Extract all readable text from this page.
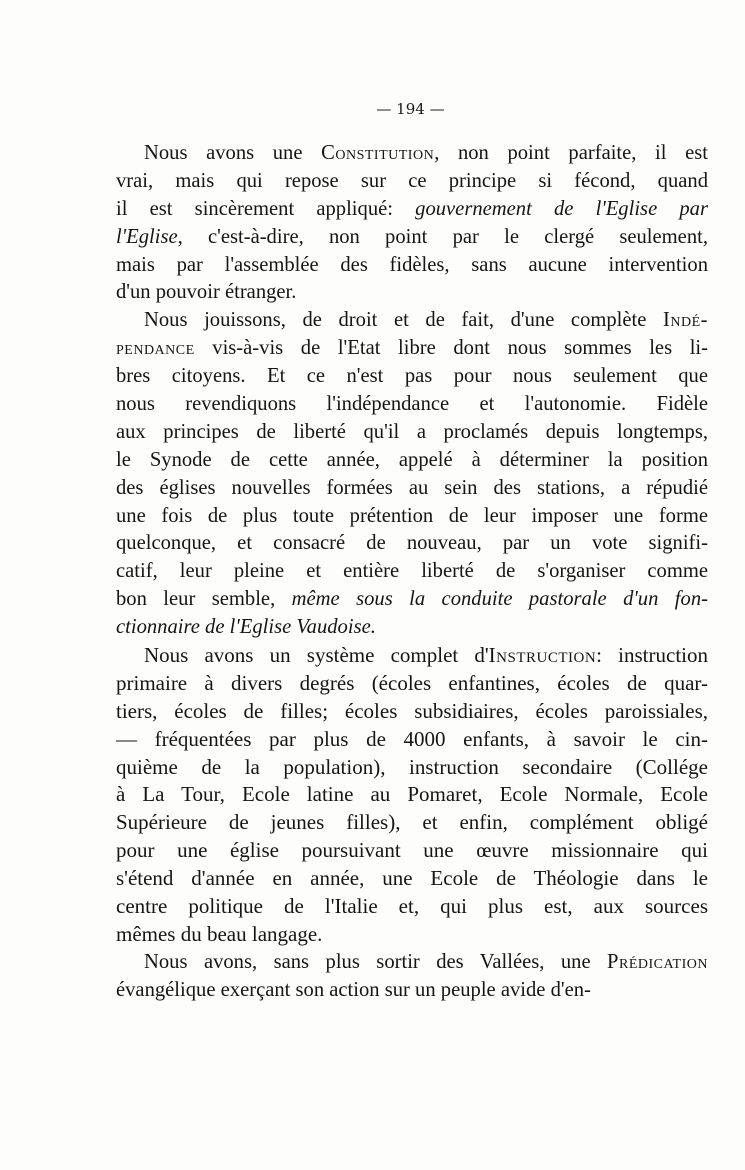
— 194 —
Nous avons une Constitution, non point parfaite, il est
vrai, mais qui repose sur ce principe si fécond, quand
il est sincèrement appliqué: gouvernement de l'Eglise par
l'Eglise, c'est-à-dire, non point par le clergé seulement,
mais par l'assemblée des fidèles, sans aucune intervention
d'un pouvoir étranger.
Nous jouissons, de droit et de fait, d'une complète Indé-
pendance vis-à-vis de l'Etat libre dont nous sommes les li-
bres citoyens. Et ce n'est pas pour nous seulement que
nous revendiquons l'indépendance et l'autonomie. Fidèle
aux principes de liberté qu'il a proclamés depuis longtemps,
le Synode de cette année, appelé à déterminer la position
des églises nouvelles formées au sein des stations, a répudié
une fois de plus toute prétention de leur imposer une forme
quelconque, et consacré de nouveau, par un vote signifi-
catif, leur pleine et entière liberté de s'organiser comme
bon leur semble, même sous la conduite pastorale d'un fon-
ctionnaire de l'Eglise Vaudoise.
Nous avons un système complet d'Instruction: instruction
primaire à divers degrés (écoles enfantines, écoles de quar-
tiers, écoles de filles; écoles subsidiaires, écoles paroissiales,
— fréquentées par plus de 4000 enfants, à savoir le cin-
quième de la population), instruction secondaire (Collége
à La Tour, Ecole latine au Pomaret, Ecole Normale, Ecole
Supérieure de jeunes filles), et enfin, complément obligé
pour une église poursuivant une œuvre missionnaire qui
s'étend d'année en année, une Ecole de Théologie dans le
centre politique de l'Italie et, qui plus est, aux sources
mêmes du beau langage.
Nous avons, sans plus sortir des Vallées, une Prédication
évangélique exerçant son action sur un peuple avide d'en-
